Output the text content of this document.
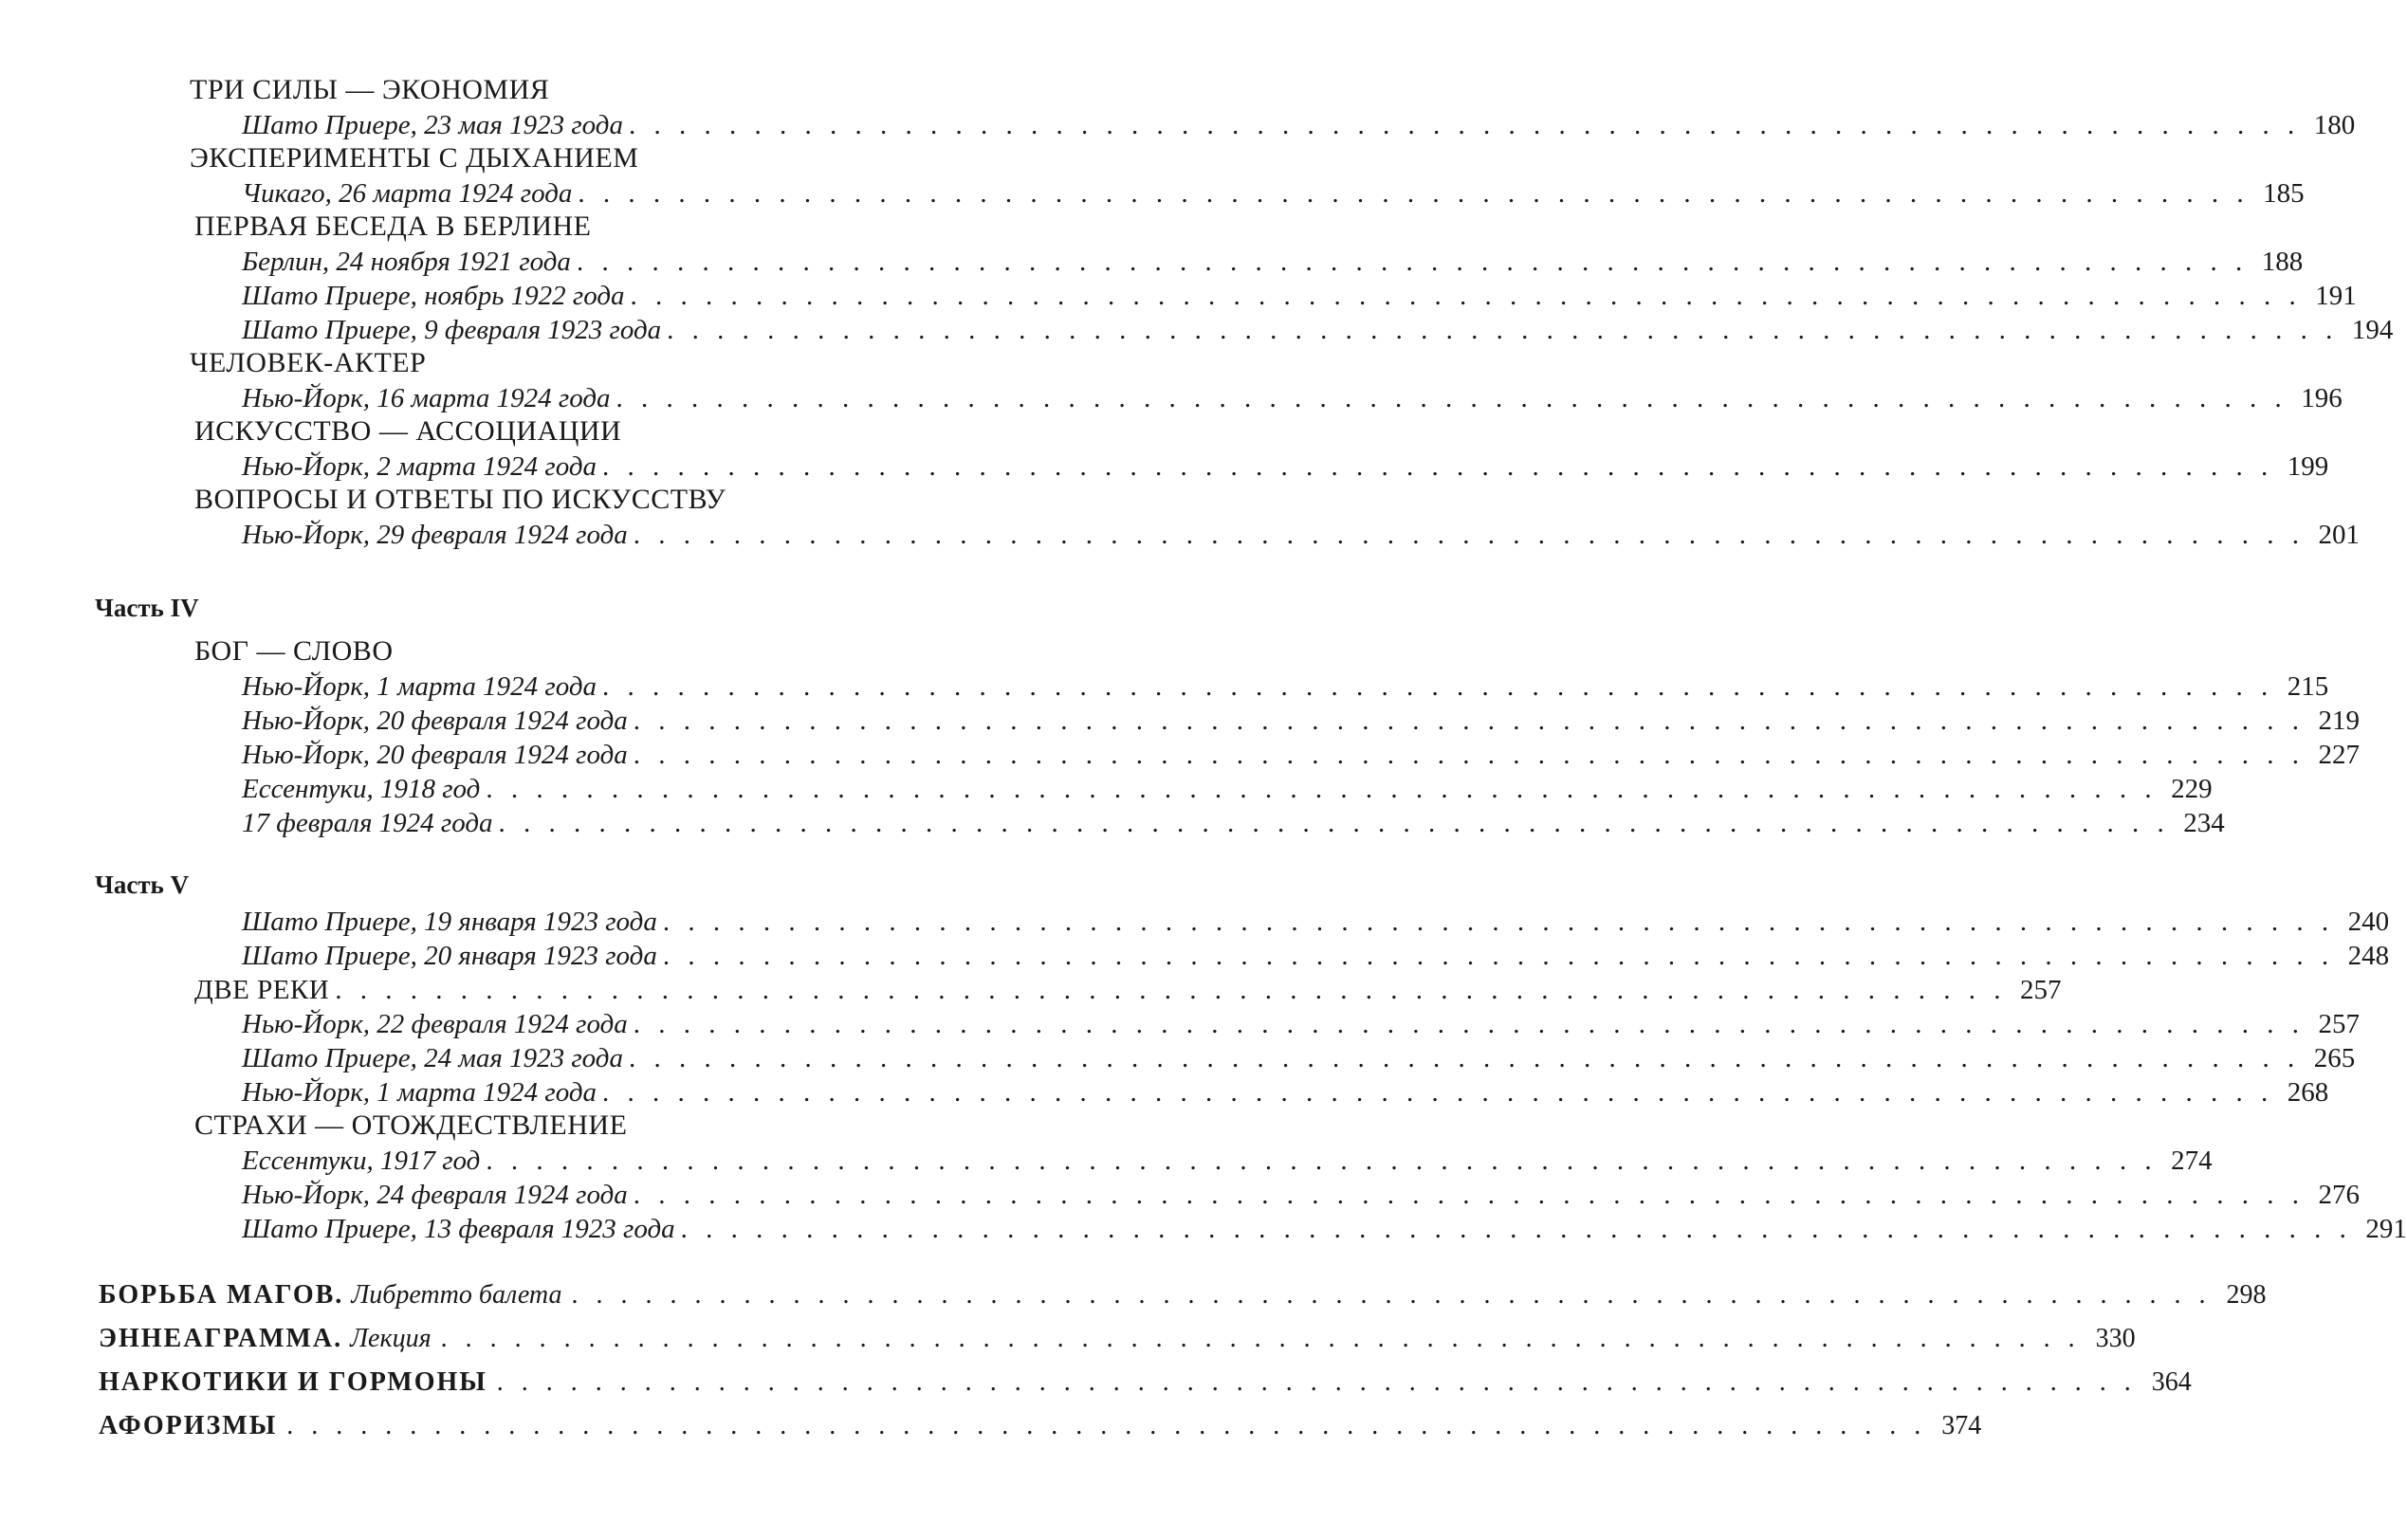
ТРИ СИЛЫ — ЭКОНОМИЯ
Шато Приере, 23 мая 1923 года . . . . . . . . . . . . . . . . . . . . . . . . . . . . . . . . . . . . . . . . . . . . . . . . . . . . . . . . . . . . . . . . . . . 180
ЭКСПЕРИМЕНТЫ С ДЫХАНИЕМ
Чикаго, 26 марта 1924 года . . . . . . . . . . . . . . . . . . . . . . . . . . . . . . . . . . . . . . . . . . . . . . . . . . . . . . . . . . . . . . . . . . . 185
ПЕРВАЯ БЕСЕДА В БЕРЛИНЕ
Берлин, 24 ноября 1921 года . . . . . . . . . . . . . . . . . . . . . . . . . . . . . . . . . . . . . . . . . . . . . . . . . . . . . . . . . . . . . . . . . . . 188
Шато Приере, ноябрь 1922 года . . . . . . . . . . . . . . . . . . . . . . . . . . . . . . . . . . . . . . . . . . . . . . . . . . . . . . . . . . . . . . . . . . . 191
Шато Приере, 9 февраля 1923 года . . . . . . . . . . . . . . . . . . . . . . . . . . . . . . . . . . . . . . . . . . . . . . . . . . . . . . . . . . . . . . . . . . . 194
ЧЕЛОВЕК-АКТЕР
Нью-Йорк, 16 марта 1924 года . . . . . . . . . . . . . . . . . . . . . . . . . . . . . . . . . . . . . . . . . . . . . . . . . . . . . . . . . . . . . . . . . . . 196
ИСКУССТВО — АССОЦИАЦИИ
Нью-Йорк, 2 марта 1924 года . . . . . . . . . . . . . . . . . . . . . . . . . . . . . . . . . . . . . . . . . . . . . . . . . . . . . . . . . . . . . . . . . . . 199
ВОПРОСЫ И ОТВЕТЫ ПО ИСКУССТВУ
Нью-Йорк, 29 февраля 1924 года . . . . . . . . . . . . . . . . . . . . . . . . . . . . . . . . . . . . . . . . . . . . . . . . . . . . . . . . . . . . . . . . . . . 201
Часть IV
БОГ — СЛОВО
Нью-Йорк, 1 марта 1924 года . . . . . . . . . . . . . . . . . . . . . . . . . . . . . . . . . . . . . . . . . . . . . . . . . . . . . . . . . . . . . . . . . . . 215
Нью-Йорк, 20 февраля 1924 года . . . . . . . . . . . . . . . . . . . . . . . . . . . . . . . . . . . . . . . . . . . . . . . . . . . . . . . . . . . . . . . . . . . 219
Нью-Йорк, 20 февраля 1924 года . . . . . . . . . . . . . . . . . . . . . . . . . . . . . . . . . . . . . . . . . . . . . . . . . . . . . . . . . . . . . . . . . . . 227
Ессентуки, 1918 год . . . . . . . . . . . . . . . . . . . . . . . . . . . . . . . . . . . . . . . . . . . . . . . . . . . . . . . . . . . . . . . . . . . 229
17 февраля 1924 года . . . . . . . . . . . . . . . . . . . . . . . . . . . . . . . . . . . . . . . . . . . . . . . . . . . . . . . . . . . . . . . . . . . 234
Часть V
Шато Приере, 19 января 1923 года . . . . . . . . . . . . . . . . . . . . . . . . . . . . . . . . . . . . . . . . . . . . . . . . . . . . . . . . . . . . . . . . . . . 240
Шато Приере, 20 января 1923 года . . . . . . . . . . . . . . . . . . . . . . . . . . . . . . . . . . . . . . . . . . . . . . . . . . . . . . . . . . . . . . . . . . . 248
ДВЕ РЕКИ . . . . . . . . . . . . . . . . . . . . . . . . . . . . . . . . . . . . . . . . . . . . . . . . . . . . . . . . . . . . . . . . . . . 257
Нью-Йорк, 22 февраля 1924 года . . . . . . . . . . . . . . . . . . . . . . . . . . . . . . . . . . . . . . . . . . . . . . . . . . . . . . . . . . . . . . . . . . . 257
Шато Приере, 24 мая 1923 года . . . . . . . . . . . . . . . . . . . . . . . . . . . . . . . . . . . . . . . . . . . . . . . . . . . . . . . . . . . . . . . . . . . 265
Нью-Йорк, 1 марта 1924 года . . . . . . . . . . . . . . . . . . . . . . . . . . . . . . . . . . . . . . . . . . . . . . . . . . . . . . . . . . . . . . . . . . . 268
СТРАХИ — ОТОЖДЕСТВЛЕНИЕ
Ессентуки, 1917 год . . . . . . . . . . . . . . . . . . . . . . . . . . . . . . . . . . . . . . . . . . . . . . . . . . . . . . . . . . . . . . . . . . . 274
Нью-Йорк, 24 февраля 1924 года . . . . . . . . . . . . . . . . . . . . . . . . . . . . . . . . . . . . . . . . . . . . . . . . . . . . . . . . . . . . . . . . . . . 276
Шато Приере, 13 февраля 1923 года . . . . . . . . . . . . . . . . . . . . . . . . . . . . . . . . . . . . . . . . . . . . . . . . . . . . . . . . . . . . . . . . . . . 291
БОРЬБА МАГОВ. Либретто балета . . . . . . . . . . . . . . . . . . . . . . . . . . . . . . . . . . . . . . . . . . . . . . . . . . . . . . . . . . . . . . . . . . . 298
ЭННЕАГРАММА. Лекция . . . . . . . . . . . . . . . . . . . . . . . . . . . . . . . . . . . . . . . . . . . . . . . . . . . . . . . . . . . . . . . . . . . 330
НАРКОТИКИ И ГОРМОНЫ . . . . . . . . . . . . . . . . . . . . . . . . . . . . . . . . . . . . . . . . . . . . . . . . . . . . . . . . . . . . . . . . . . . 364
АФОРИЗМЫ . . . . . . . . . . . . . . . . . . . . . . . . . . . . . . . . . . . . . . . . . . . . . . . . . . . . . . . . . . . . . . . . . . . 374
